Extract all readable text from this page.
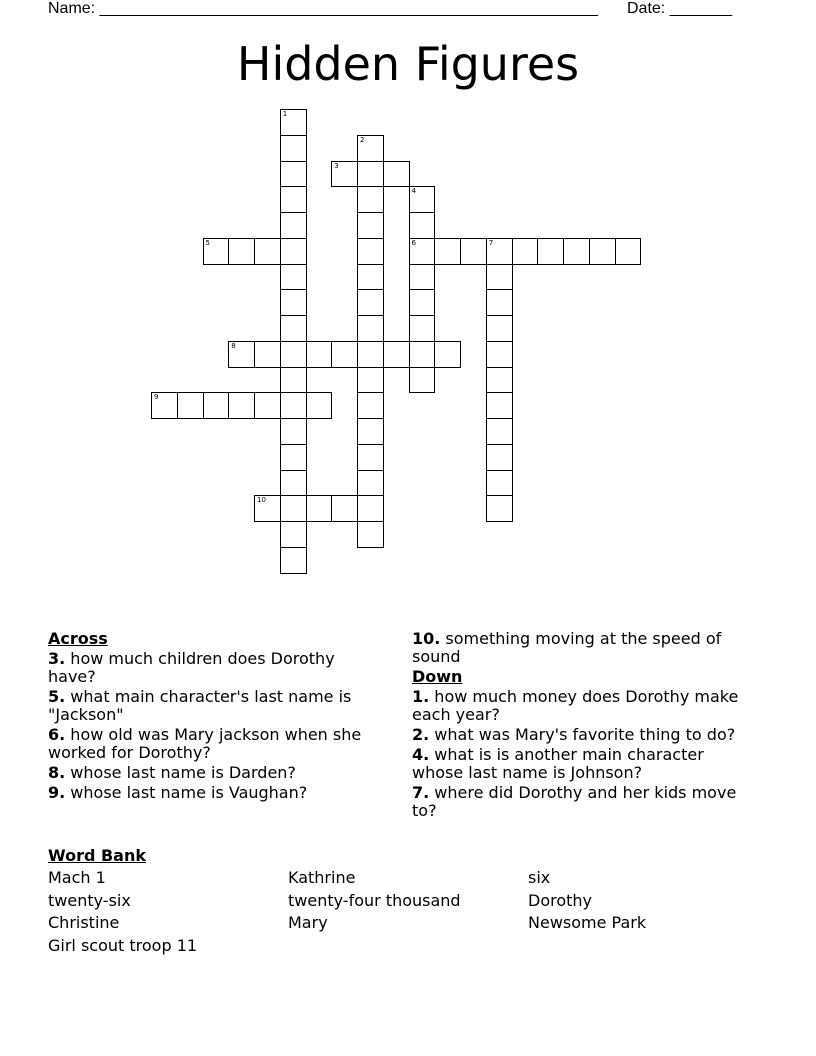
Name: ________________________________________________________ Date: _______
Hidden Figures
1
2
3
4
6
5	7
8
9
10
Across
3. how much children does Dorothy have?
5. what main character's last name is "Jackson"
6. how old was Mary jackson when she worked for Dorothy?
8. whose last name is Darden?
9. whose last name is Vaughan?
10. something moving at the speed of sound
Down
1. how much money does Dorothy make each year?
2. what was Mary's favorite thing to do?
4. what is is another main character whose last name is Johnson?
7. where did Dorothy and her kids move to?
Word Bank
Mach 1	Kathrine	six
twenty-six	twenty-four thousand	Dorothy
Christine	Mary	Newsome Park
Girl scout troop 11
